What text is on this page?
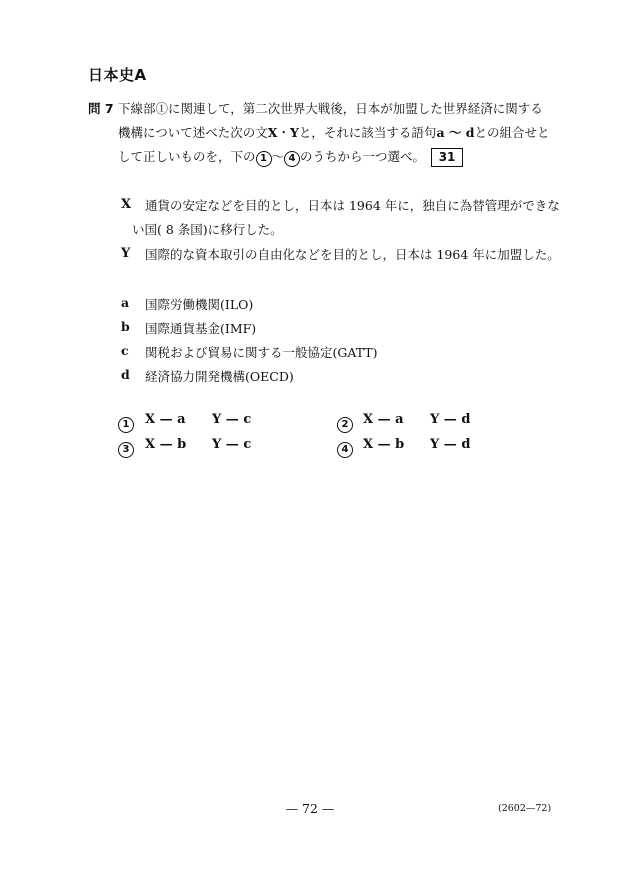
日本史A
問 7 下線部①に関連して，第二次世界大戦後，日本が加盟した世界経済に関する
機構について述べた次の文X・Yと，それに該当する語句a 〜 dとの組合せと
して正しいものを，下の 1 〜 4 のうちから一つ選べ。 31
X 通貨の安定などを目的とし，日本は 1964 年に，独自に為替管理ができな
い国( 8 条国)に移行した。
Y 国際的な資本取引の自由化などを目的とし，日本は 1964 年に加盟した。
a 国際労働機関(ILO)
b 国際通貨基金(IMF)
c 関税および貿易に関する一般協定(GATT)
d 経済協力開発機構(OECD)
1	X — a Y — c	2	X — a Y — d
3	X — b Y — c	4	X — b Y — d
— 72 —	(2602—72)
